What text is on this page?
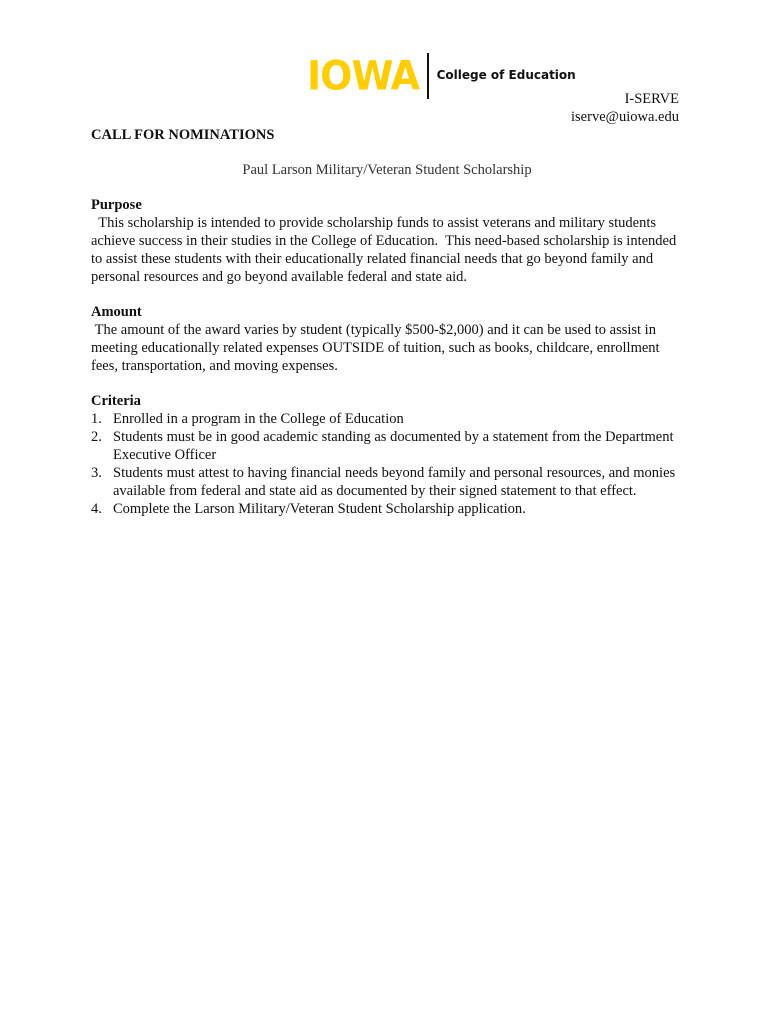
IOWA College of Education
I-SERVE
iserve@uiowa.edu
CALL FOR NOMINATIONS
Paul Larson Military/Veteran Student Scholarship
Purpose

This scholarship is intended to provide scholarship funds to assist veterans and military students achieve success in their studies in the College of Education.  This need-based scholarship is intended to assist these students with their educationally related financial needs that go beyond family and personal resources and go beyond available federal and state aid.

Amount

The amount of the award varies by student (typically $500-$2,000) and it can be used to assist in meeting educationally related expenses OUTSIDE of tuition, such as books, childcare, enrollment fees, transportation, and moving expenses.

Criteria
1. Enrolled in a program in the College of Education
2. Students must be in good academic standing as documented by a statement from the Department Executive Officer
3. Students must attest to having financial needs beyond family and personal resources, and monies available from federal and state aid as documented by their signed statement to that effect.
4. Complete the Larson Military/Veteran Student Scholarship application.
